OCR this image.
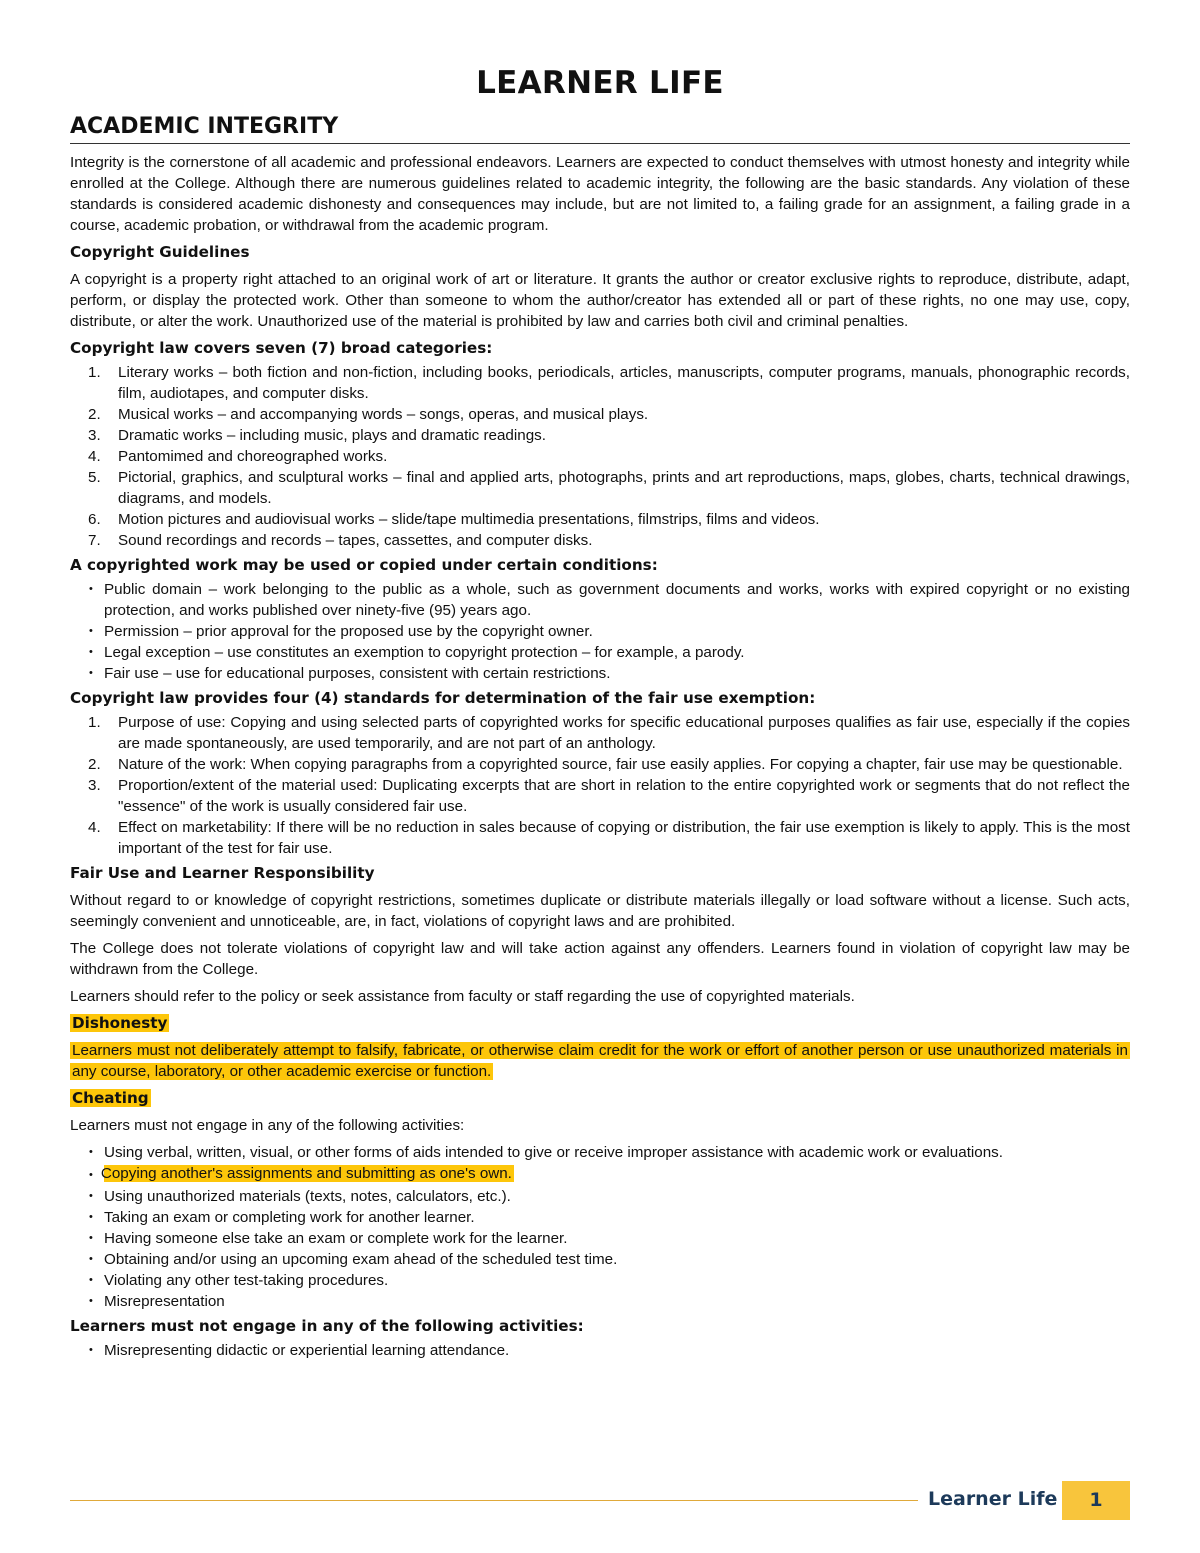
LEARNER LIFE
ACADEMIC INTEGRITY

Integrity is the cornerstone of all academic and professional endeavors. Learners are expected to conduct themselves with utmost honesty and integrity while enrolled at the College. Although there are numerous guidelines related to academic integrity, the following are the basic standards. Any violation of these standards is considered academic dishonesty and consequences may include, but are not limited to, a failing grade for an assignment, a failing grade in a course, academic probation, or withdrawal from the academic program.

Copyright Guidelines

A copyright is a property right attached to an original work of art or literature. It grants the author or creator exclusive rights to reproduce, distribute, adapt, perform, or display the protected work. Other than someone to whom the author/creator has extended all or part of these rights, no one may use, copy, distribute, or alter the work. Unauthorized use of the material is prohibited by law and carries both civil and criminal penalties.

Copyright law covers seven (7) broad categories:
1. Literary works – both fiction and non-fiction, including books, periodicals, articles, manuscripts, computer programs, manuals, phonographic records, film, audiotapes, and computer disks.
2. Musical works – and accompanying words – songs, operas, and musical plays.
3. Dramatic works – including music, plays and dramatic readings.
4. Pantomimed and choreographed works.
5. Pictorial, graphics, and sculptural works – final and applied arts, photographs, prints and art reproductions, maps, globes, charts, technical drawings, diagrams, and models.
6. Motion pictures and audiovisual works – slide/tape multimedia presentations, filmstrips, films and videos.
7. Sound recordings and records – tapes, cassettes, and computer disks.
A copyrighted work may be used or copied under certain conditions:
• Public domain – work belonging to the public as a whole, such as government documents and works, works with expired copyright or no existing protection, and works published over ninety-five (95) years ago.
• Permission – prior approval for the proposed use by the copyright owner.
• Legal exception – use constitutes an exemption to copyright protection – for example, a parody.
• Fair use – use for educational purposes, consistent with certain restrictions.
Copyright law provides four (4) standards for determination of the fair use exemption:
1. Purpose of use: Copying and using selected parts of copyrighted works for specific educational purposes qualifies as fair use, especially if the copies are made spontaneously, are used temporarily, and are not part of an anthology.
2. Nature of the work: When copying paragraphs from a copyrighted source, fair use easily applies. For copying a chapter, fair use may be questionable.
3. Proportion/extent of the material used: Duplicating excerpts that are short in relation to the entire copyrighted work or segments that do not reflect the "essence" of the work is usually considered fair use.
4. Effect on marketability: If there will be no reduction in sales because of copying or distribution, the fair use exemption is likely to apply. This is the most important of the test for fair use.
Fair Use and Learner Responsibility

Without regard to or knowledge of copyright restrictions, sometimes duplicate or distribute materials illegally or load software without a license. Such acts, seemingly convenient and unnoticeable, are, in fact, violations of copyright laws and are prohibited.

The College does not tolerate violations of copyright law and will take action against any offenders. Learners found in violation of copyright law may be withdrawn from the College.

Learners should refer to the policy or seek assistance from faculty or staff regarding the use of copyrighted materials.

Dishonesty

Learners must not deliberately attempt to falsify, fabricate, or otherwise claim credit for the work or effort of another person or use unauthorized materials in any course, laboratory, or other academic exercise or function.

Cheating

Learners must not engage in any of the following activities:

• Using verbal, written, visual, or other forms of aids intended to give or receive improper assistance with academic work or evaluations.
• Copying another's assignments and submitting as one's own.
• Using unauthorized materials (texts, notes, calculators, etc.).
• Taking an exam or completing work for another learner.
• Having someone else take an exam or complete work for the learner.
• Obtaining and/or using an upcoming exam ahead of the scheduled test time.
• Violating any other test-taking procedures.
• Misrepresentation
Learners must not engage in any of the following activities:
• Misrepresenting didactic or experiential learning attendance.
Learner Life	1
